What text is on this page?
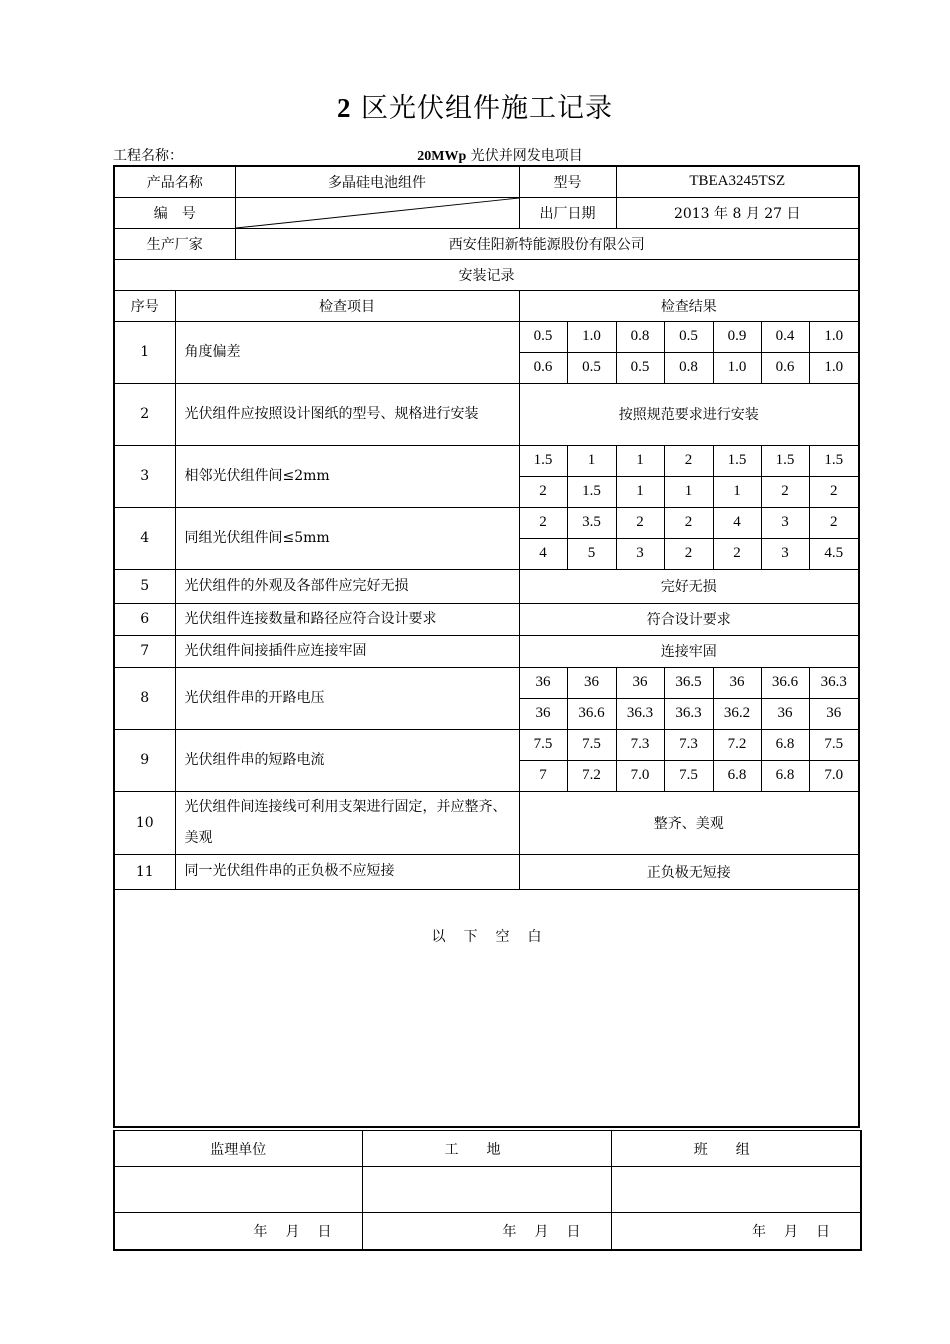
2 区光伏组件施工记录
工程名称：	20MWp 光伏并网发电项目
产品名称		多晶硅电池组件	型号		TBEA3245TSZ				
编　号			出厂日期		2013 年 8 月 27 日				
生产厂家		西安佳阳新特能源股份有限公司							
安装记录									
序号	检查项目		检查结果						
1	角度偏差		0.5	1.0	0.8	0.5	0.9	0.4	1.0
			0.6	0.5	0.5	0.8	1.0	0.6	1.0
2	光伏组件应按照设计图纸的型号、规格进行安装		按照规范要求进行安装						
3	相邻光伏组件间≤2mm		1.5	1	1	2	1.5	1.5	1.5
			2	1.5	1	1	1	2	2
4	同组光伏组件间≤5mm		2	3.5	2	2	4	3	2
			4	5	3	2	2	3	4.5
5	光伏组件的外观及各部件应完好无损		完好无损						
6	光伏组件连接数量和路径应符合设计要求		符合设计要求						
7	光伏组件间接插件应连接牢固		连接牢固						
8	光伏组件串的开路电压		36	36	36	36.5	36	36.6	36.3
			36	36.6	36.3	36.3	36.2	36	36
9	光伏组件串的短路电流		7.5	7.5	7.3	7.3	7.2	6.8	7.5
			7	7.2	7.0	7.5	6.8	6.8	7.0
10	光伏组件间连接线可利用支架进行固定，并应整齐、美观		整齐、美观						
11	同一光伏组件串的正负极不应短接		正负极无短接						
以下空白									
监理单位	工地	班组

年月日	年月日	年月日
